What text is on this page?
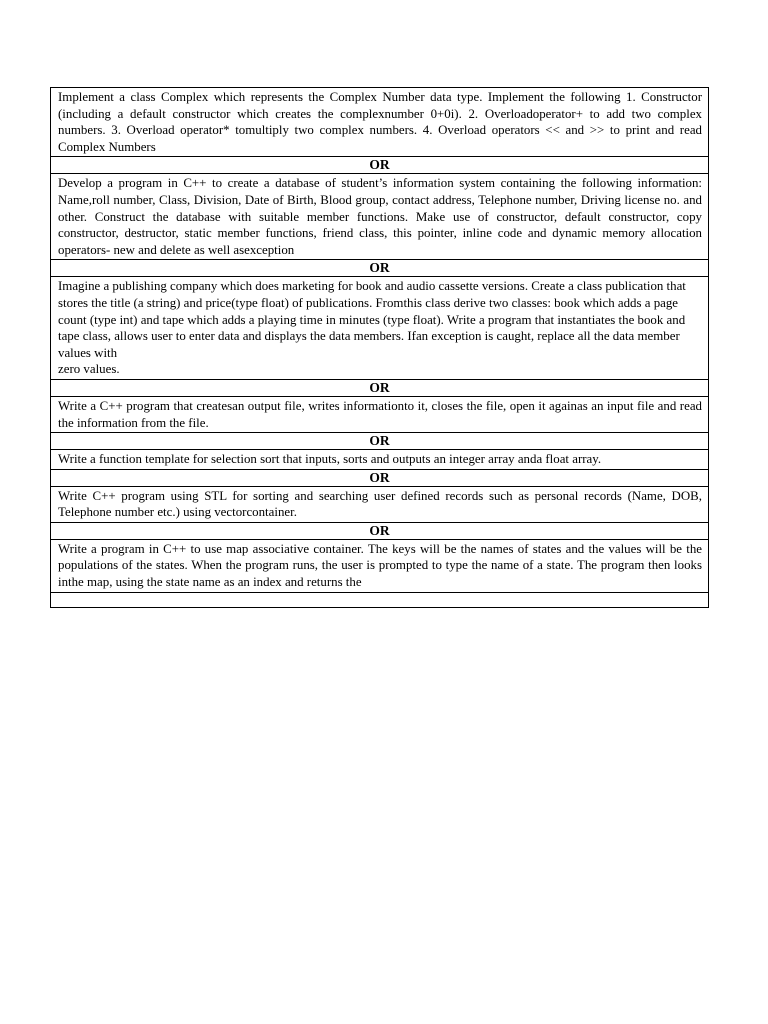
Implement a class Complex which represents the Complex Number data type. Implement the following 1. Constructor (including a default constructor which creates the complexnumber 0+0i). 2. Overloadoperator+ to add two complex numbers. 3. Overload operator* tomultiply two complex numbers. 4. Overload operators << and >> to print and read Complex Numbers
OR
Develop a program in C++ to create a database of student’s information system containing the following information: Name,roll number, Class, Division, Date of Birth, Blood group, contact address, Telephone number, Driving license no. and other. Construct the database with suitable member functions. Make use of constructor, default constructor, copy constructor, destructor, static member functions, friend class, this pointer, inline code and dynamic memory allocation operators- new and delete as well asexception
OR

Imagine a publishing company which does marketing for book and audio cassette versions. Create a class publication that stores the title (a string) and price(type float) of publications. Fromthis class derive two classes: book which adds a page count (type int) and tape which adds a playing time in minutes (type float). Write a program that instantiates the book and tape class, allows user to enter data and displays the data members. Ifan exception is caught, replace all the data member values with
zero values.

OR
Write a C++ program that createsan output file, writes informationto it, closes the file, open it againas an input file and read the information from the file.
OR
Write a function template for selection sort that inputs, sorts and outputs an integer array anda float array.
OR
Write C++ program using STL for sorting and searching user defined records such as personal records (Name, DOB, Telephone number etc.) using vectorcontainer.
OR
Write a program in C++ to use map associative container. The keys will be the names of states and the values will be the populations of the states. When the program runs, the user is prompted to type the name of a state. The program then looks inthe map, using the state name as an index and returns the
